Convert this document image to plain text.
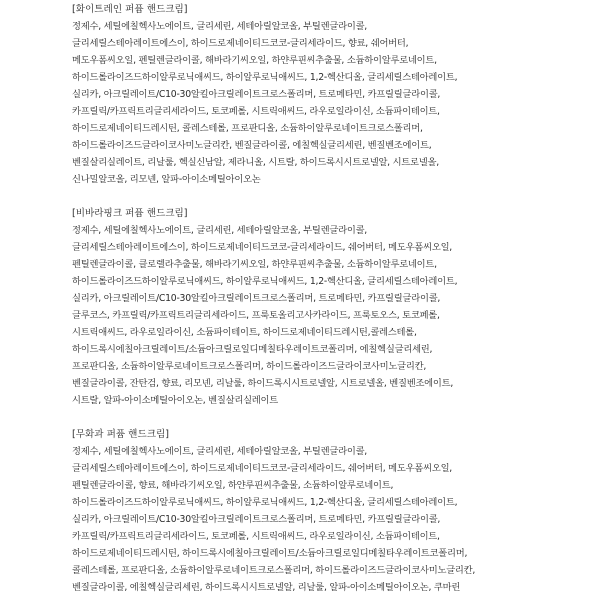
[화이트레인 퍼퓸 핸드크림]
정제수, 세틸에칠헥사노에이트, 글리세린, 세테아릴알코올, 부틸렌글라이콜,
글리세릴스테아레이트에스이, 하이드로제네이티드코코-글리세라이드, 향료, 쉐어버터,
메도우폼씨오일, 펜틸렌글라이콜, 해바라기씨오일, 하얀루핀씨추출물, 소듐하이알루로네이트,
하이드롤라이즈드하이알루로닉애씨드, 하이알루로닉애씨드, 1,2-헥산디올, 글리세릴스테아레이트,
실리카, 아크릴레이트/C10-30알킬아크릴레이트크로스폴리머, 트로메타민, 카프릴릴글라이콜,
카프릴릭/카프릭트리글리세라이드, 토코페롤, 시트릭애씨드, 라우로일라이신, 소듐파이테이트,
하이드로제네이티드레시틴, 콜레스테롤, 프로판디올, 소듐하이알루로네이트크로스폴리머,
하이드롤라이즈드글라이코사미노글리칸, 벤질글라이콜, 에칠헥실글리세린, 벤질벤조에이트,
벤질살리실레이트, 리날룰, 헥실신남알, 제라니올, 시트랄, 하이드록시시트로넬알, 시트로넬올,
신나밀알코올, 리모넨, 알파-아이소메틸아이오논
[비바라핑크 퍼퓸 핸드크림]
정제수, 세틸에칠헥사노에이트, 글리세린, 세테아릴알코올, 부틸렌글라이콜,
글리세릴스테아레이트에스이, 하이드로제네이티드코코-글리세라이드, 쉐어버터, 메도우폼씨오일,
펜틸렌글라이콜, 클로렐라추출물, 해바라기씨오일, 하얀루핀씨추출물, 소듐하이알루로네이트,
하이드롤라이즈드하이알루로닉애씨드, 하이알루로닉애씨드, 1,2-헥산디올, 글리세릴스테아레이트,
실리카, 아크릴레이트/C10-30알킬아크릴레이트크로스폴리머, 트로메타민, 카프릴릴글라이콜,
글루코스, 카프릴릭/카프릭트리글리세라이드, 프룩토올리고사카라이드, 프룩토오스, 토코페롤,
시트릭애씨드, 라우로일라이신, 소듐파이테이트, 하이드로제네이티드레시틴,콜레스테롤,
하이드록시에칠아크릴레이트/소듐아크릴로일디메칠타우레이트코폴리머, 에칠헥실글리세린,
프로판디올, 소듐하이알루로네이트크로스폴리머, 하이드롤라이즈드글라이코사미노글리칸,
벤질글라이콜, 잔탄검, 향료, 리모넨, 리날룰, 하이드록시시트로넬알, 시트로넬올, 벤질벤조에이트,
시트랄, 알파-아이소메틸아이오논, 벤질살리실레이트
[무화과 퍼퓸 핸드크림]
정제수, 세틸에칠헥사노에이트, 글리세린, 세테아릴알코올, 부틸렌글라이콜,
글리세릴스테아레이트에스이, 하이드로제네이티드코코-글리세라이드, 쉐어버터, 메도우폼씨오일,
펜틸렌글라이콜, 향료, 해바라기씨오일, 하얀루핀씨추출물, 소듐하이알루로네이트,
하이드롤라이즈드하이알루로닉애씨드, 하이알루로닉애씨드, 1,2-헥산디올, 글리세릴스테아레이트,
실리카, 아크릴레이트/C10-30알킬아크릴레이트크로스폴리머, 트로메타민, 카프릴릴글라이콜,
카프릴릭/카프릭트리글리세라이드, 토코페롤, 시트릭애씨드, 라우로일라이신, 소듐파이테이트,
하이드로제네이티드레시틴, 하이드록시에칠아크릴레이트/소듐아크릴로일디메칠타우레이트코폴리머,
콜레스테롤, 프로판디올, 소듐하이알루로네이트크로스폴리머, 하이드롤라이즈드글라이코사미노글리칸,
벤질글라이콜, 에칠헥실글리세린, 하이드록시시트로넬알, 리날룰, 알파-아이소메틸아이오논, 쿠마린
